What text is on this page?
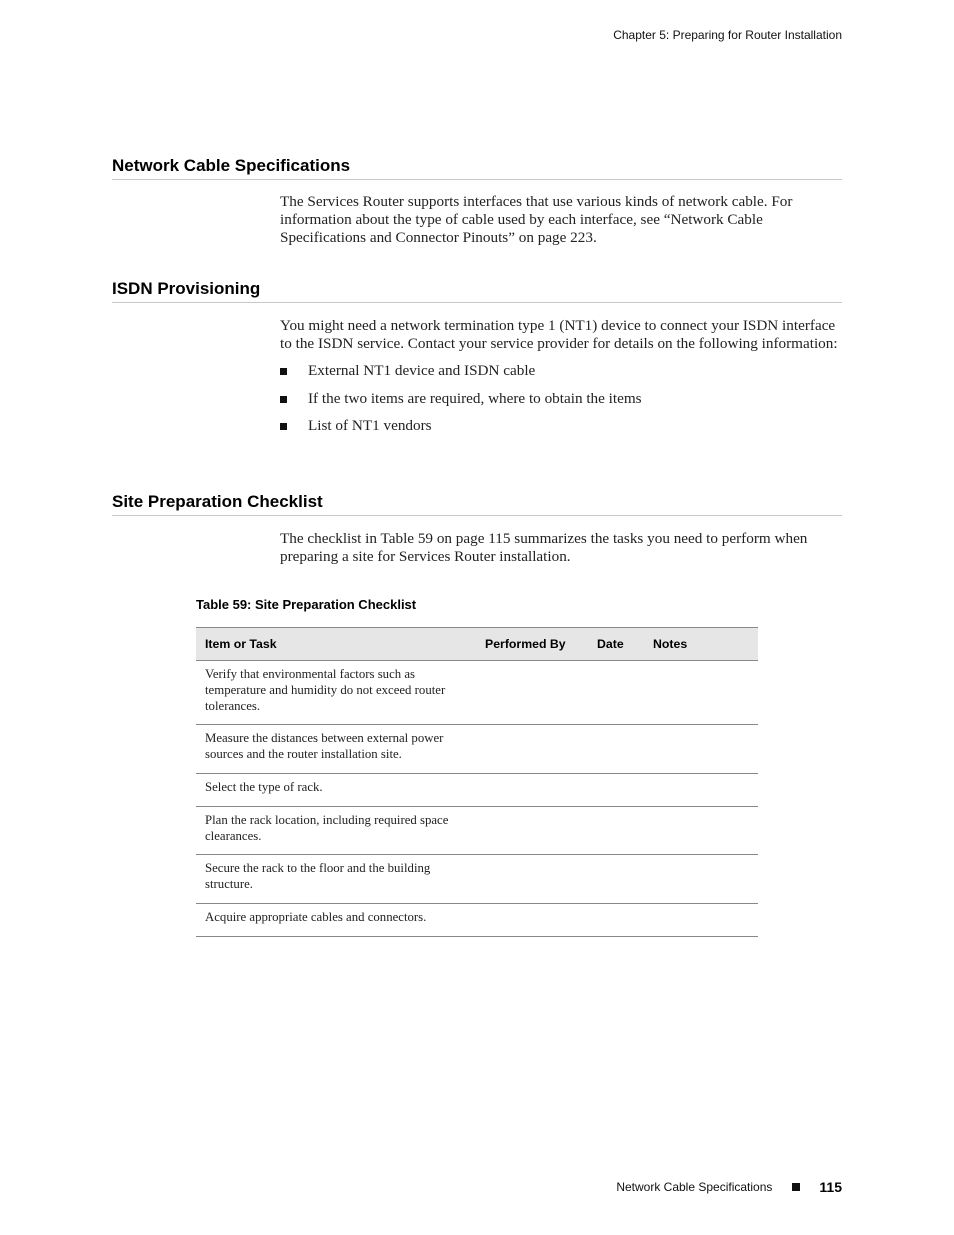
Chapter 5: Preparing for Router Installation
Network Cable Specifications

The Services Router supports interfaces that use various kinds of network cable. For information about the type of cable used by each interface, see “Network Cable Specifications and Connector Pinouts” on page 223.

ISDN Provisioning

You might need a network termination type 1 (NT1) device to connect your ISDN interface to the ISDN service. Contact your service provider for details on the following information:

External NT1 device and ISDN cable
If the two items are required, where to obtain the items
List of NT1 vendors
Site Preparation Checklist

The checklist in Table 59 on page 115 summarizes the tasks you need to perform when preparing a site for Services Router installation.

Table 59: Site Preparation Checklist
Item or Task	Performed By	Date	Notes
Verify that environmental factors such as temperature and humidity do not exceed router tolerances.			
Measure the distances between external power sources and the router installation site.			
Select the type of rack.			
Plan the rack location, including required space clearances.			
Secure the rack to the floor and the building structure.			
Acquire appropriate cables and connectors.			
Network Cable Specifications	115
